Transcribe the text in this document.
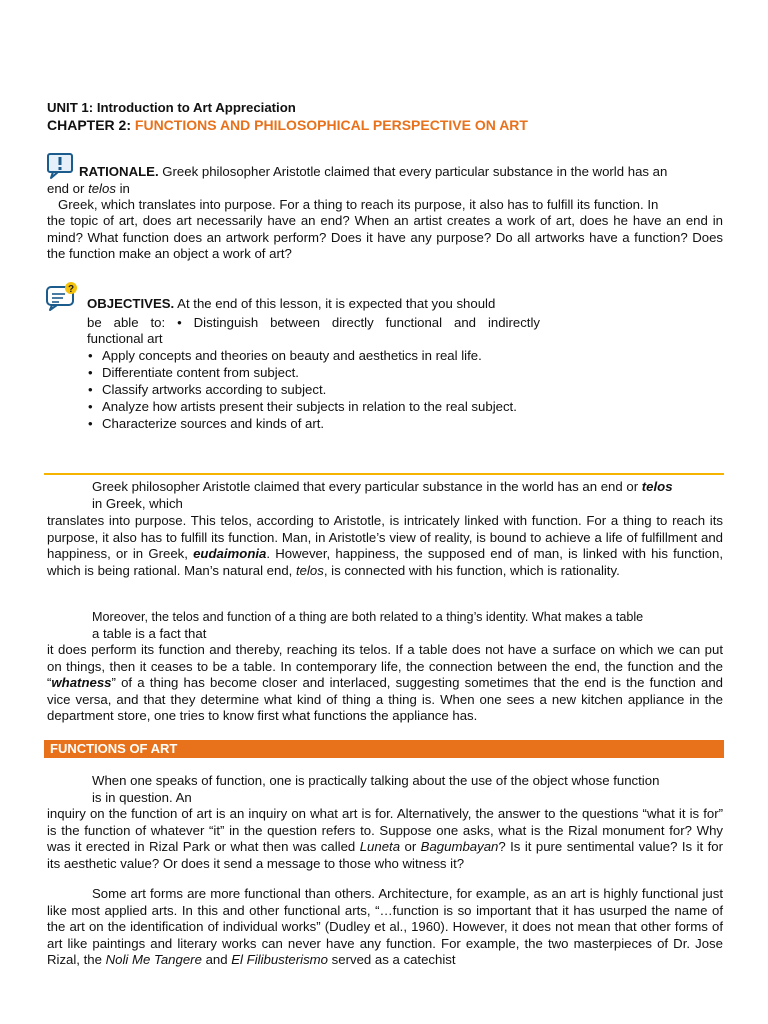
UNIT 1: Introduction to Art Appreciation
CHAPTER 2: FUNCTIONS AND PHILOSOPHICAL PERSPECTIVE ON ART
RATIONALE. Greek philosopher Aristotle claimed that every particular substance in the world has an
end or telos in
Greek, which translates into purpose. For a thing to reach its purpose, it also has to fulfill its function. In
the topic of art, does art necessarily have an end? When an artist creates a work of art, does he have an end in mind? What function does an artwork perform? Does it have any purpose? Do all artworks have a function? Does the function make an object a work of art?
?
OBJECTIVES. At the end of this lesson, it is expected that you should
be able to: • Distinguish between directly functional and indirectly
functional art
• Apply concepts and theories on beauty and aesthetics in real life.
• Differentiate content from subject.
• Classify artworks according to subject.
• Analyze how artists present their subjects in relation to the real subject.
• Characterize sources and kinds of art.
Greek philosopher Aristotle claimed that every particular substance in the world has an end or telos
in Greek, which
translates into purpose. This telos, according to Aristotle, is intricately linked with function. For a thing to reach its purpose, it also has to fulfill its function. Man, in Aristotle’s view of reality, is bound to achieve a life of fulfillment and happiness, or in Greek, eudaimonia. However, happiness, the supposed end of man, is linked with his function, which is being rational. Man’s natural end, telos, is connected with his function, which is rationality.
Moreover, the telos and function of a thing are both related to a thing’s identity. What makes a table
a table is a fact that
it does perform its function and thereby, reaching its telos. If a table does not have a surface on which we can put on things, then it ceases to be a table. In contemporary life, the connection between the end, the function and the “whatness” of a thing has become closer and interlaced, suggesting sometimes that the end is the function and vice versa, and that they determine what kind of thing a thing is. When one sees a new kitchen appliance in the department store, one tries to know first what functions the appliance has.
FUNCTIONS OF ART
When one speaks of function, one is practically talking about the use of the object whose function
is in question. An
inquiry on the function of art is an inquiry on what art is for. Alternatively, the answer to the questions “what it is for” is the function of whatever “it” in the question refers to. Suppose one asks, what is the Rizal monument for? Why was it erected in Rizal Park or what then was called Luneta or Bagumbayan? Is it pure sentimental value? Is it for its aesthetic value? Or does it send a message to those who witness it?
Some art forms are more functional than others. Architecture, for example, as an art is highly functional just like most applied arts. In this and other functional arts, “…function is so important that it has usurped the name of the art on the identification of individual works” (Dudley et al., 1960). However, it does not mean that other forms of art like paintings and literary works can never have any function. For example, the two masterpieces of Dr. Jose Rizal, the Noli Me Tangere and El Filibusterismo served as a catechist
